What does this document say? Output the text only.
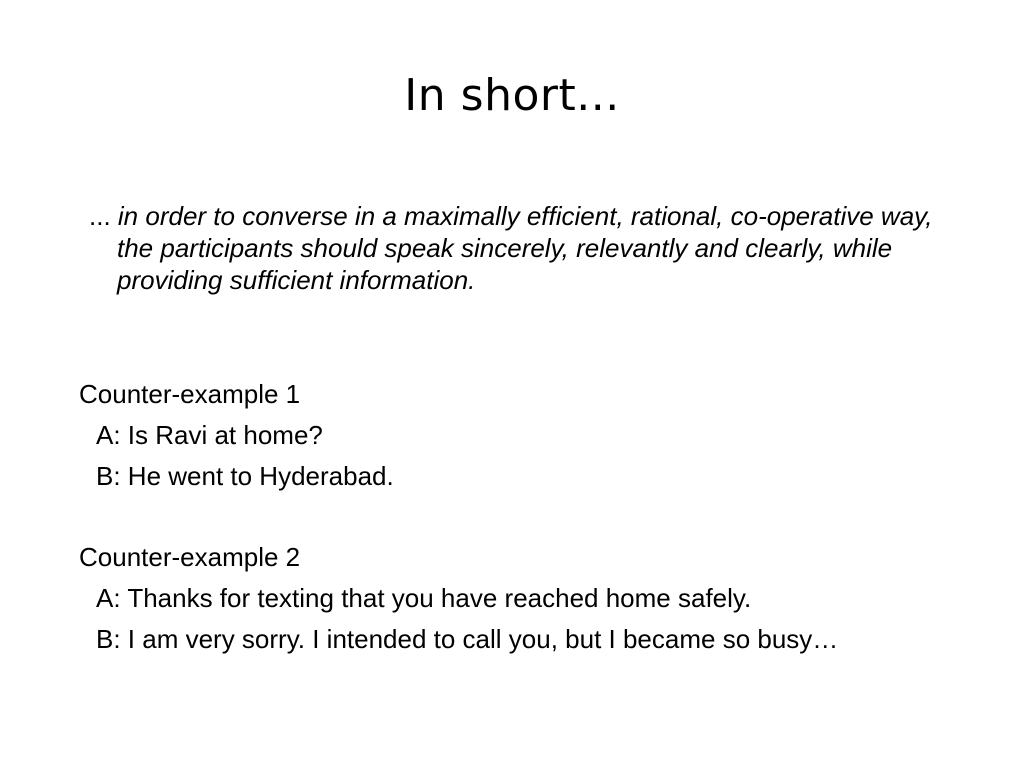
In short...

... in order to converse in a maximally efficient, rational, co-operative way, the participants should speak sincerely, relevantly and clearly, while providing sufficient information.

Counter-example 1
A: Is Ravi at home?
B: He went to Hyderabad.
Counter-example 2
A: Thanks for texting that you have reached home safely.
B: I am very sorry. I intended to call you, but I became so busy…
